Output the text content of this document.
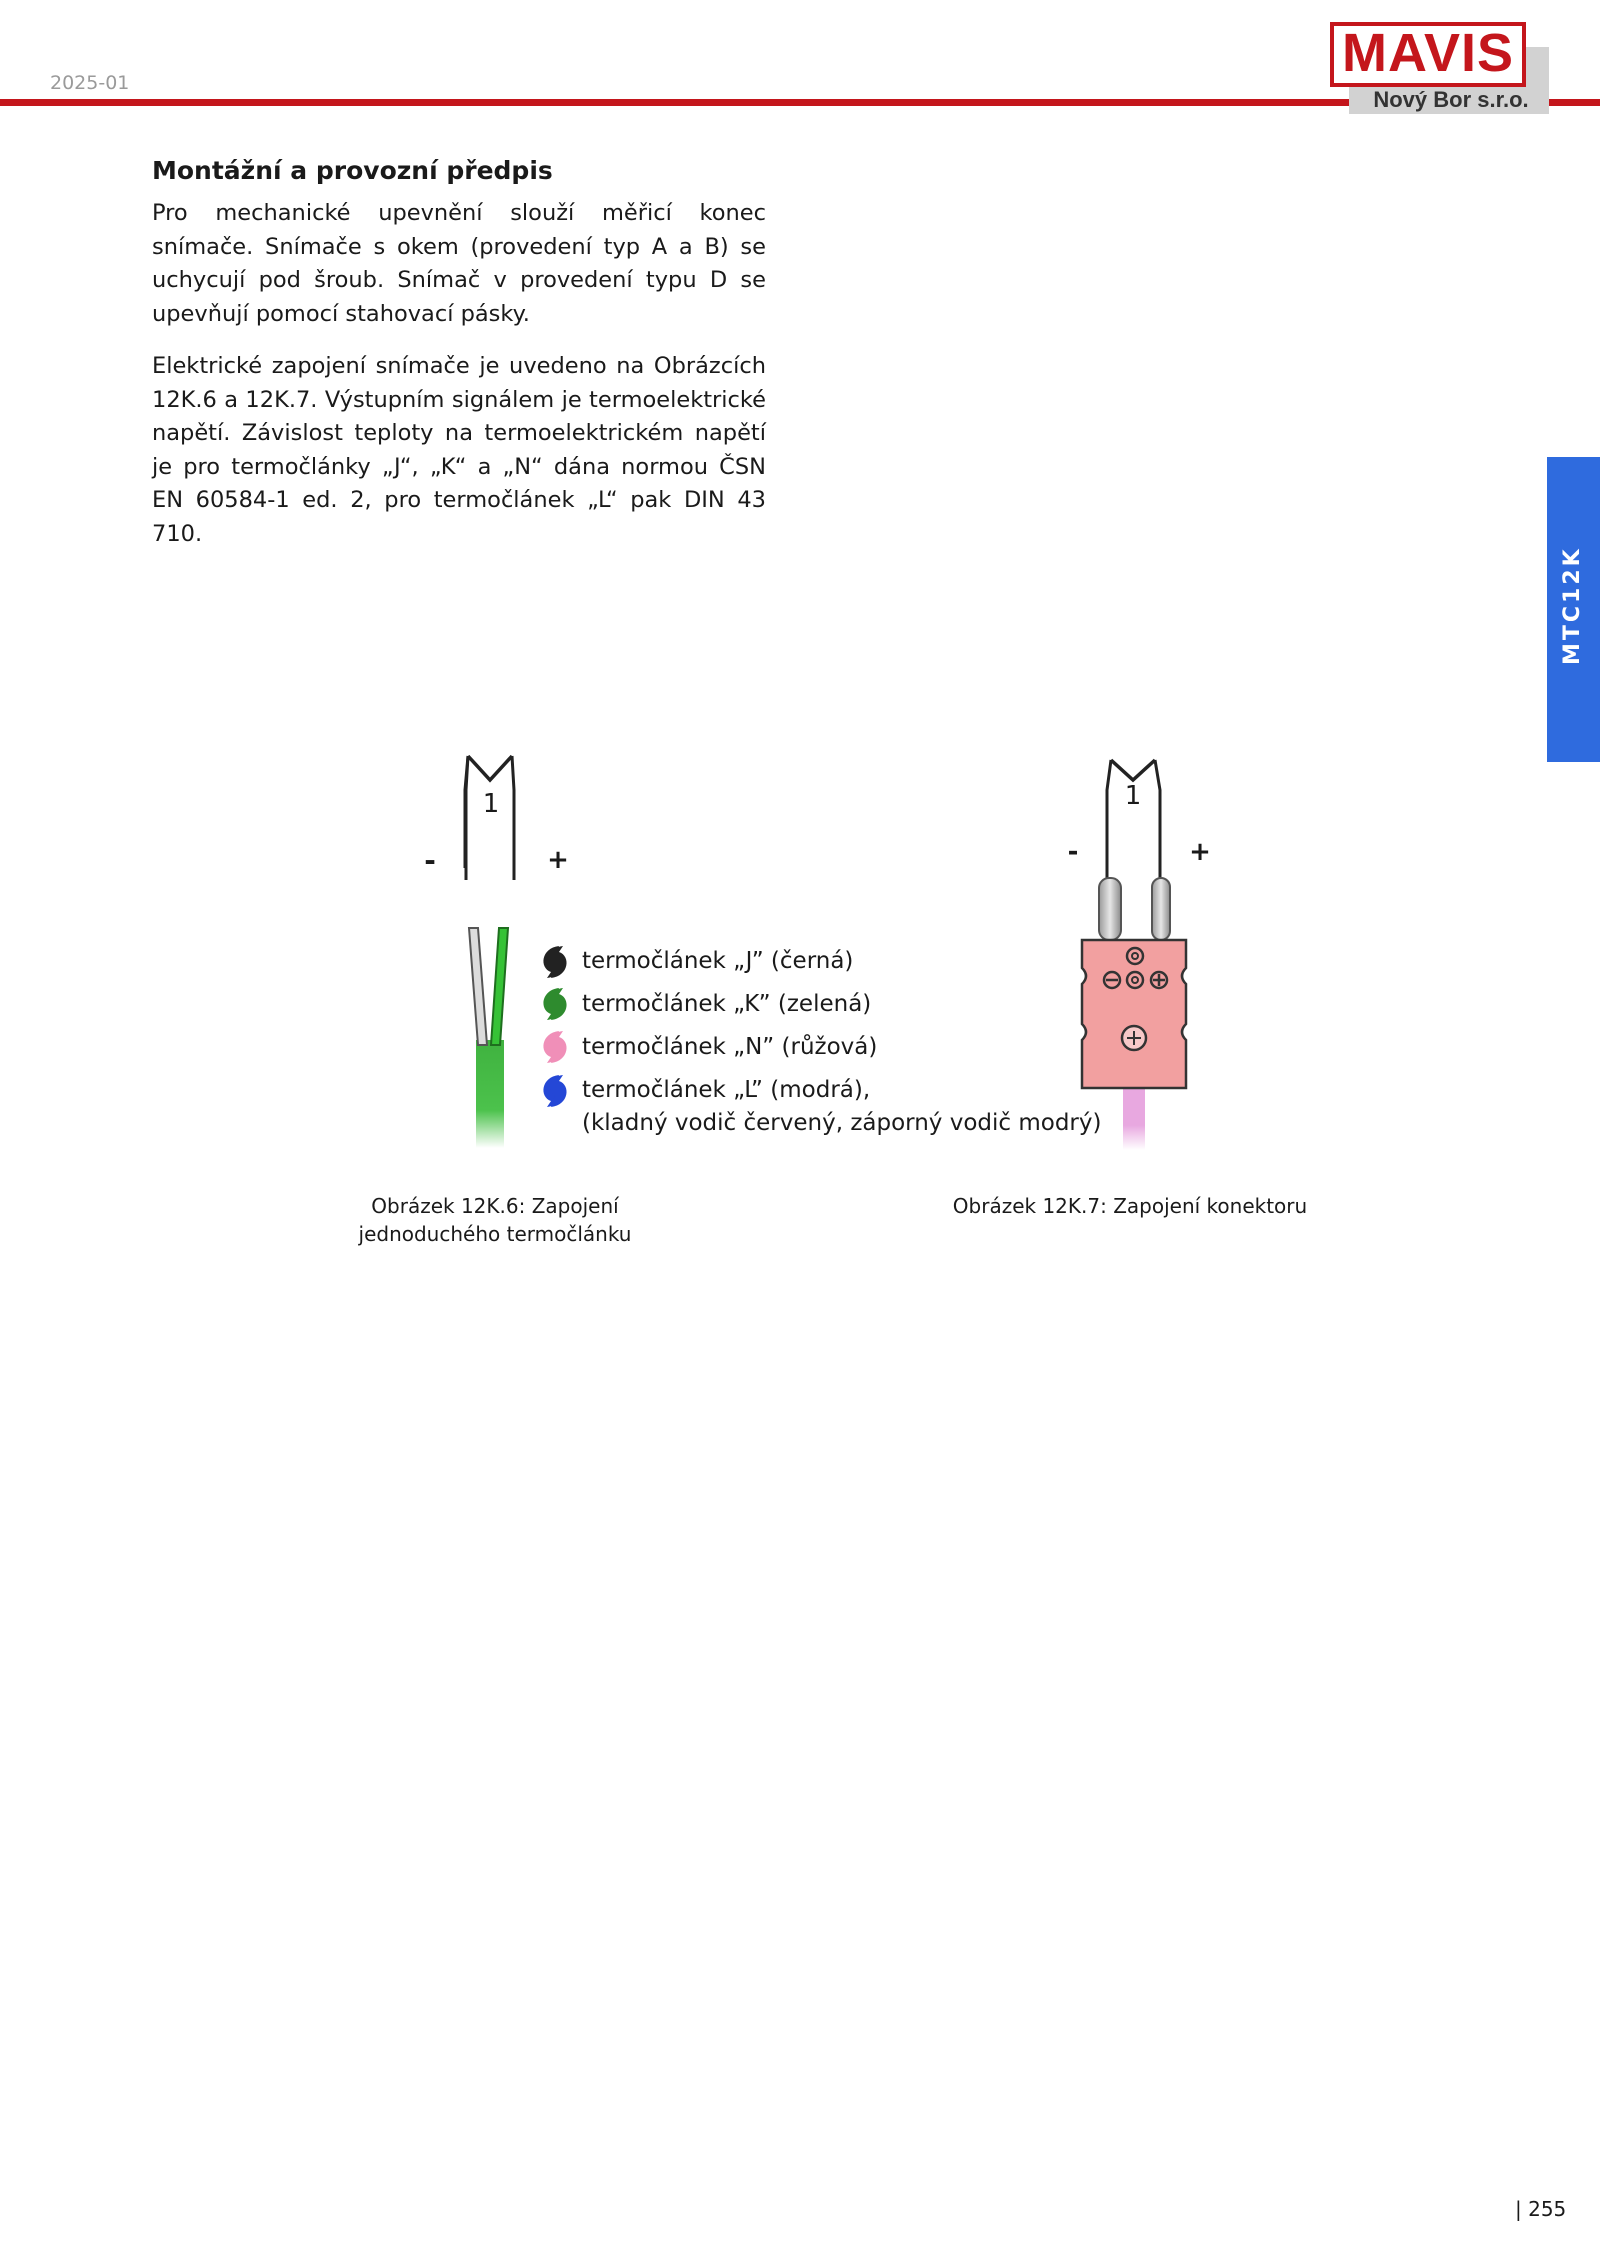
2025-01	MAVIS
Nový Bor s.r.o.
MTC12K
Montážní a provozní předpis
Pro mechanické upevnění slouží měřicí konec snímače. Snímače s okem (provedení typ A a B) se uchycují pod šroub. Snímač v provedení typu D se upevňují pomocí stahovací pásky.
Elektrické zapojení snímače je uvedeno na Obrázcích 12K.6 a 12K.7. Výstupním signálem je termoelektrické napětí. Závislost teploty na termoelektrickém napětí je pro termočlánky „J“, „K“ a „N“ dána normou ČSN EN 60584-1 ed. 2, pro termočlánek „L“ pak DIN 43 710.
1
-	+
termočlánek „J” (černá)
termočlánek „K” (zelená)
termočlánek „N” (růžová)
termočlánek „L” (modrá),
(kladný vodič červený, záporný vodič modrý)
1
-	+
Obrázek 12K.6: Zapojení jednoduchého termočlánku
Obrázek 12K.7: Zapojení konektoru
| 255
